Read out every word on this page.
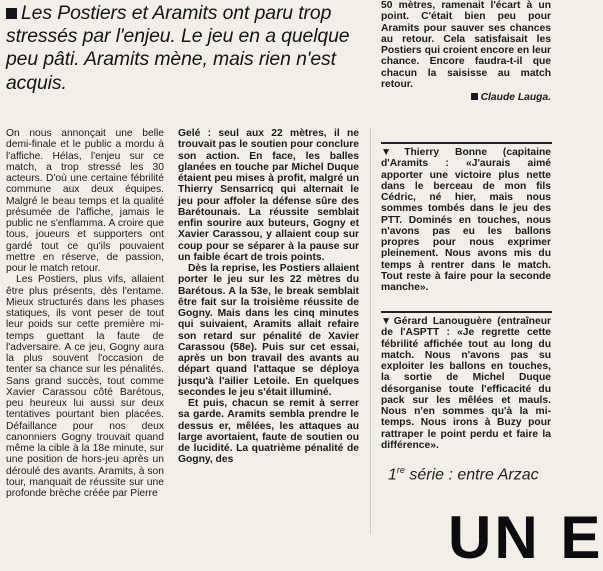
Les Postiers et Aramits ont paru trop stressés par l'enjeu. Le jeu en a quelque peu pâti. Aramits mène, mais rien n'est acquis.

On nous annonçait une belle demi-finale et le public a mordu à l'affiche. Hélas, l'enjeu sur ce match, a trop stressé les 30 acteurs. D'où une certaine fébrilité commune aux deux équipes. Malgré le beau temps et la qualité présumée de l'affiche, jamais le public ne s'enflamma. A croire que tous, joueurs et supporters ont gardé tout ce qu'ils pouvaient mettre en réserve, de passion, pour le match retour.

Les Postiers, plus vifs, allaient être plus présents, dès l'entame. Mieux structurés dans les phases statiques, ils vont peser de tout leur poids sur cette première mi-temps guettant la faute de l'adversaire. A ce jeu, Gogny aura la plus souvent l'occasion de tenter sa chance sur les pénalités. Sans grand succès, tout comme Xavier Carassou côté Barétous, peu heureux lui aussi sur deux tentatives pourtant bien placées. Défaillance pour nos deux canonniers Gogny trouvait quand même la cible à la 18e minute, sur une position de hors-jeu après un déroulé des avants. Aramits, à son tour, manquait de réussite sur une profonde brèche créée par Pierre

Gelé : seul aux 22 mètres, il ne trouvait pas le soutien pour conclure son action. En face, les balles glanées en touche par Michel Duque étaient peu mises à profit, malgré un Thierry Sensarricq qui alternait le jeu pour affoler la défense sûre des Barétounais. La réussite semblait enfin sourire aux buteurs, Gogny et Xavier Carassou, y allaient coup sur coup pour se séparer à la pause sur un faible écart de trois points.

Dès la reprise, les Postiers allaient porter le jeu sur les 22 mètres du Barétous. A la 53e, le break semblait être fait sur la troisième réussite de Gogny. Mais dans les cinq minutes qui suivaient, Aramits allait refaire son retard sur pénalité de Xavier Carassou (58e). Puis sur cet essai, après un bon travail des avants au départ quand l'attaque se déploya jusqu'à l'ailier Letoile. En quelques secondes le jeu s'était illuminé.

Et puis, chacun se remit à serrer sa garde. Aramits sembla prendre le dessus er, mêlées, les attaques au large avortaient, faute de soutien ou de lucidité. La quatrième pénalité de Gogny, des

50 mètres, ramenait l'écart à un point. C'était bien peu pour Aramits pour sauver ses chances au retour. Cela satisfaisait les Postiers qui croient encore en leur chance. Encore faudra-t-il que chacun la saisisse au match retour.

Claude Lauga.

▼Thierry Bonne (capitaine d'Aramits : «J'aurais aimé apporter une victoire plus nette dans le berceau de mon fils Cédric, né hier, mais nous sommes tombés dans le jeu des PTT. Dominés en touches, nous n'avons pas eu les ballons propres pour nous exprimer pleinement. Nous avons mis du temps à rentrer dans le match. Tout reste à faire pour la seconde manche».

▼Gérard Lanouguère (entraîneur de l'ASPTT : «Je regrette cette fébrilité affichée tout au long du match. Nous n'avons pas su exploiter les ballons en touches, la sortie de Michel Duque désorganise toute l'efficacité du pack sur les mêlées et mauls. Nous n'en sommes qu'à la mi-temps. Nous irons à Buzy pour rattraper le point perdu et faire la différence».

1re série : entre Arzac
UN E
